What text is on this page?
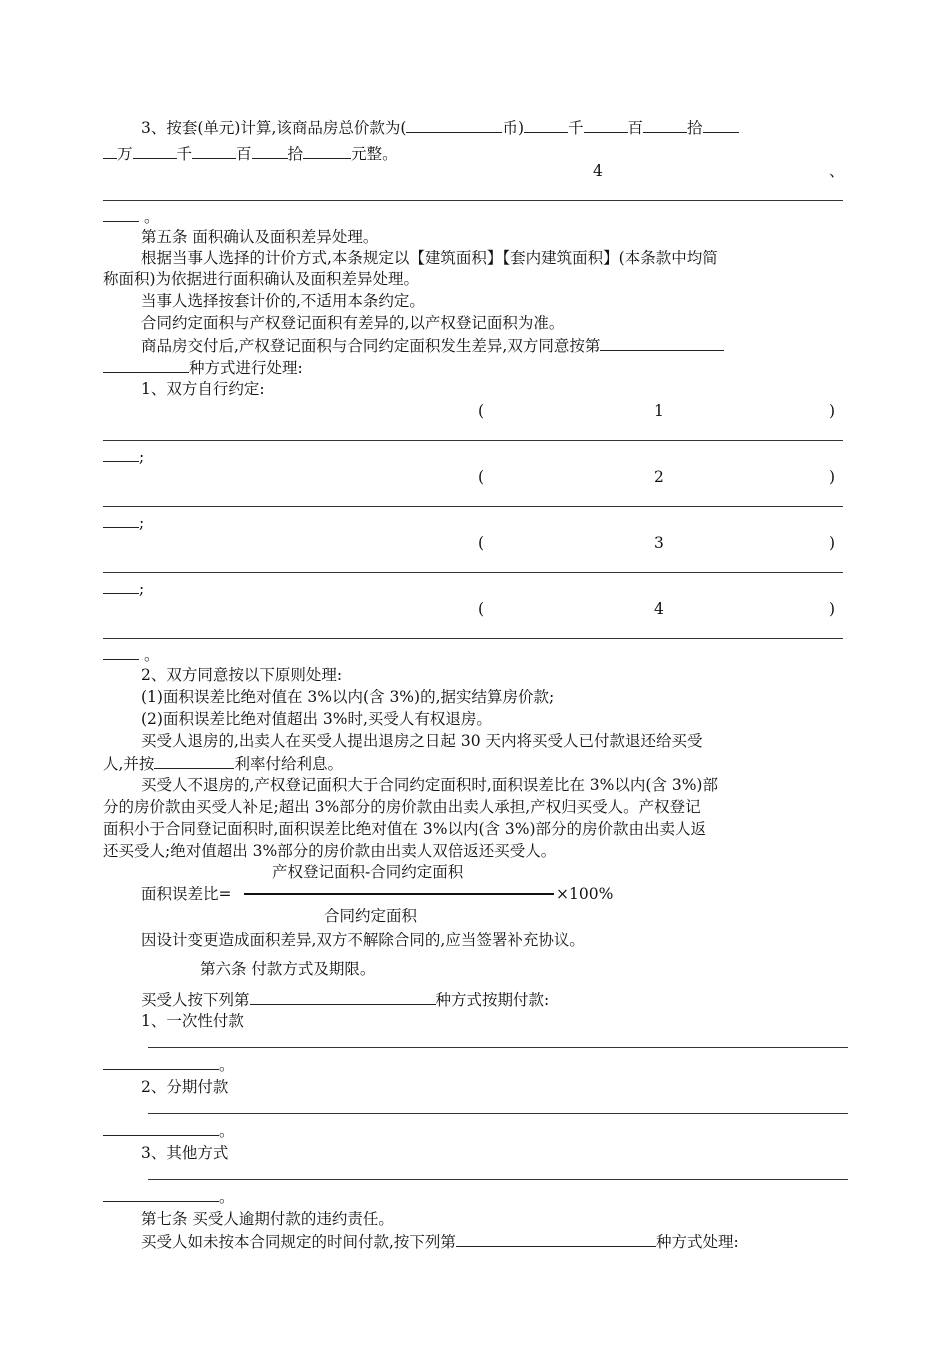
3、按套(单元)计算,该商品房总价款为(	币)	千	百	拾
万	千	百 拾	元整。
4	、
。
第五条 面积确认及面积差异处理。
根据当事人选择的计价方式,本条规定以【建筑面积】【套内建筑面积】(本条款中均简
称面积)为依据进行面积确认及面积差异处理。
当事人选择按套计价的,不适用本条约定。
合同约定面积与产权登记面积有差异的,以产权登记面积为准。
商品房交付后,产权登记面积与合同约定面积发生差异,双方同意按第
种方式进行处理:
1、双方自行约定:
(	1	)
;
(	2	)
;
(	3	)
;
(	4	)
。
2、双方同意按以下原则处理:
(1)面积误差比绝对值在 3%以内(含 3%)的,据实结算房价款;
(2)面积误差比绝对值超出 3%时,买受人有权退房。
买受人退房的,出卖人在买受人提出退房之日起 30 天内将买受人已付款退还给买受
人,并按	利率付给利息。
买受人不退房的,产权登记面积大于合同约定面积时,面积误差比在 3%以内(含 3%)部
分的房价款由买受人补足;超出 3%部分的房价款由出卖人承担,产权归买受人。产权登记
面积小于合同登记面积时,面积误差比绝对值在 3%以内(含 3%)部分的房价款由出卖人返
还买受人;绝对值超出 3%部分的房价款由出卖人双倍返还买受人。
产权登记面积-合同约定面积
面积误差比=	×100%
合同约定面积
因设计变更造成面积差异,双方不解除合同的,应当签署补充协议。
第六条 付款方式及期限。
买受人按下列第	种方式按期付款:
1、一次性付款
。
2、分期付款
。
3、其他方式
。
第七条 买受人逾期付款的违约责任。
买受人如未按本合同规定的时间付款,按下列第	种方式处理:
